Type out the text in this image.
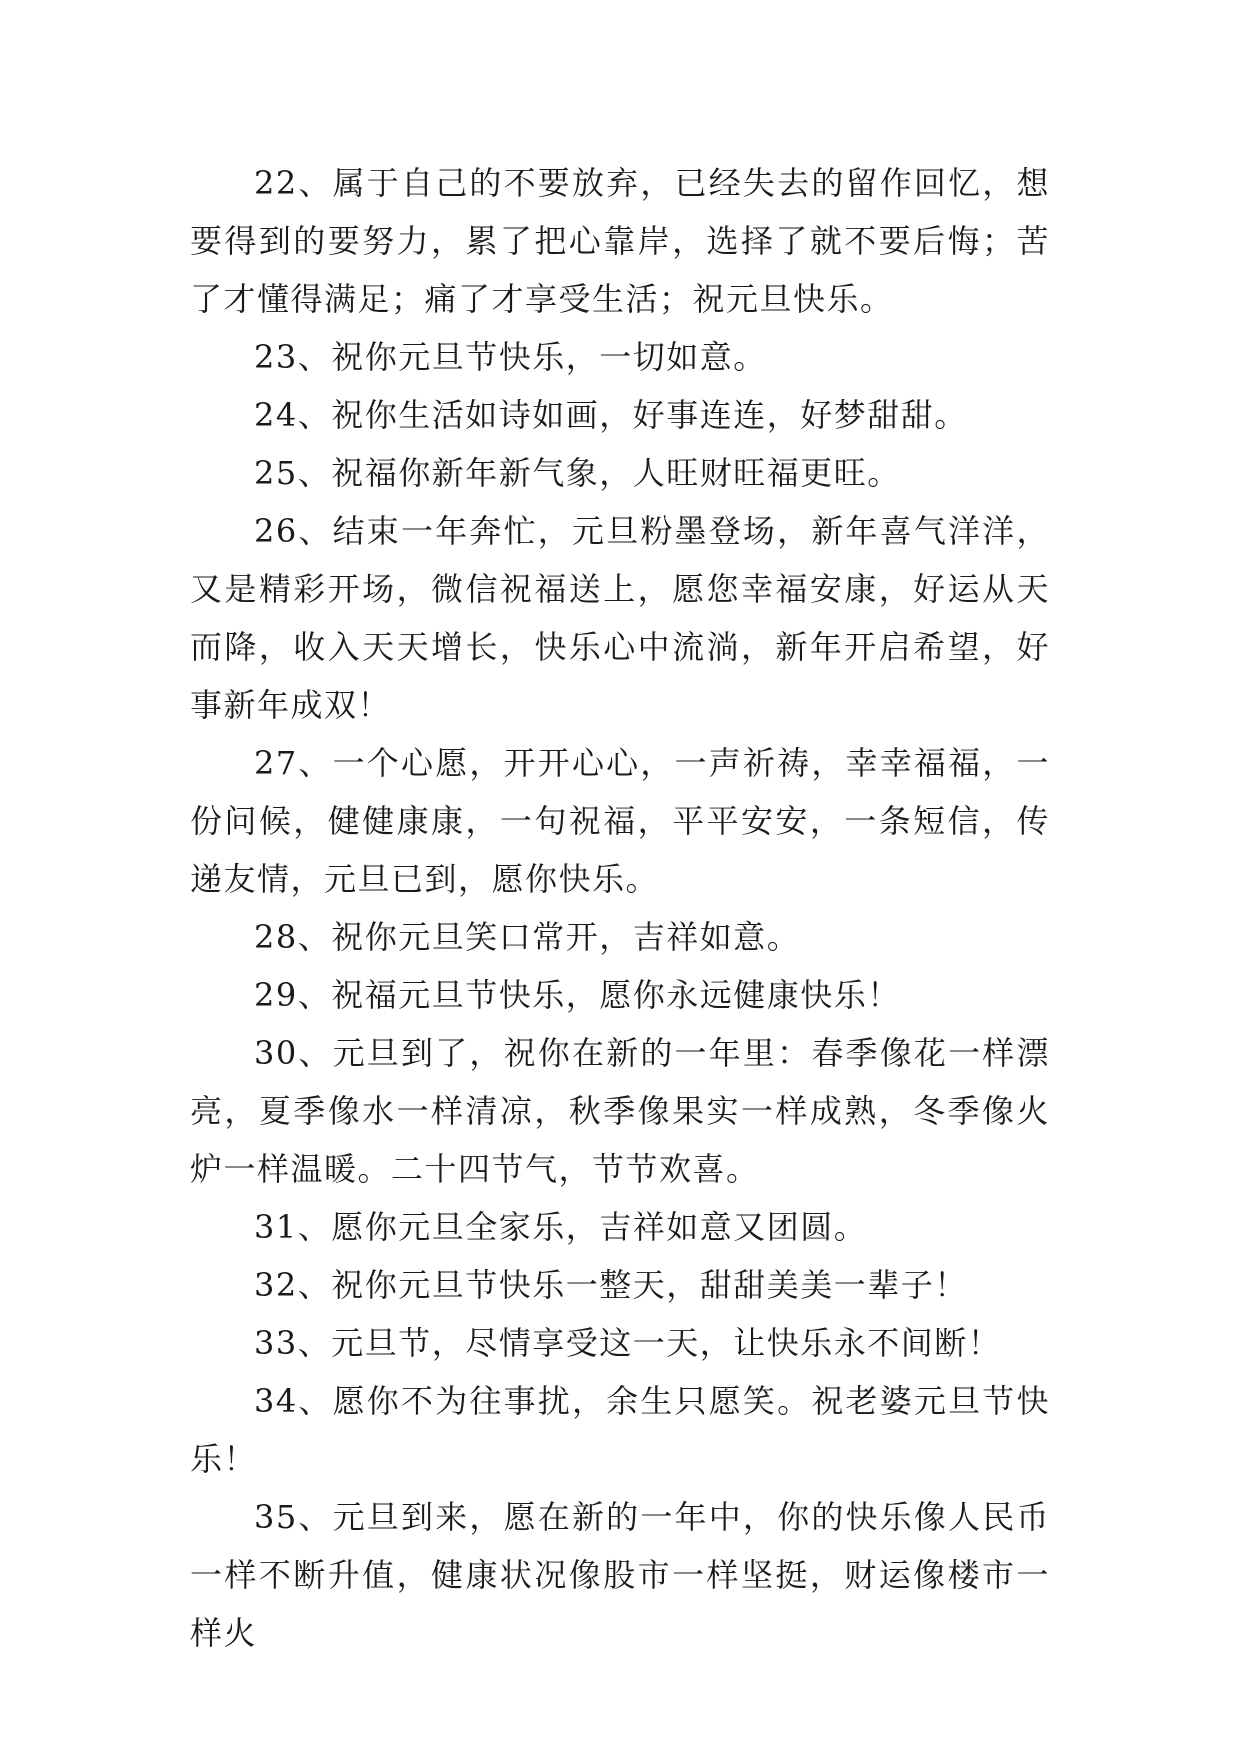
22、属于自己的不要放弃，已经失去的留作回忆，想要得到的要努力，累了把心靠岸，选择了就不要后悔；苦了才懂得满足；痛了才享受生活；祝元旦快乐。

23、祝你元旦节快乐，一切如意。

24、祝你生活如诗如画，好事连连，好梦甜甜。

25、祝福你新年新气象，人旺财旺福更旺。

26、结束一年奔忙，元旦粉墨登场，新年喜气洋洋，又是精彩开场，微信祝福送上，愿您幸福安康，好运从天而降，收入天天增长，快乐心中流淌，新年开启希望，好事新年成双！

27、一个心愿，开开心心，一声祈祷，幸幸福福，一份问候，健健康康，一句祝福，平平安安，一条短信，传递友情，元旦已到，愿你快乐。

28、祝你元旦笑口常开，吉祥如意。

29、祝福元旦节快乐，愿你永远健康快乐！

30、元旦到了，祝你在新的一年里：春季像花一样漂亮，夏季像水一样清凉，秋季像果实一样成熟，冬季像火炉一样温暖。二十四节气，节节欢喜。

31、愿你元旦全家乐，吉祥如意又团圆。

32、祝你元旦节快乐一整天，甜甜美美一辈子！

33、元旦节，尽情享受这一天，让快乐永不间断！

34、愿你不为往事扰，余生只愿笑。祝老婆元旦节快乐！

35、元旦到来，愿在新的一年中，你的快乐像人民币一样不断升值，健康状况像股市一样坚挺，财运像楼市一样火
